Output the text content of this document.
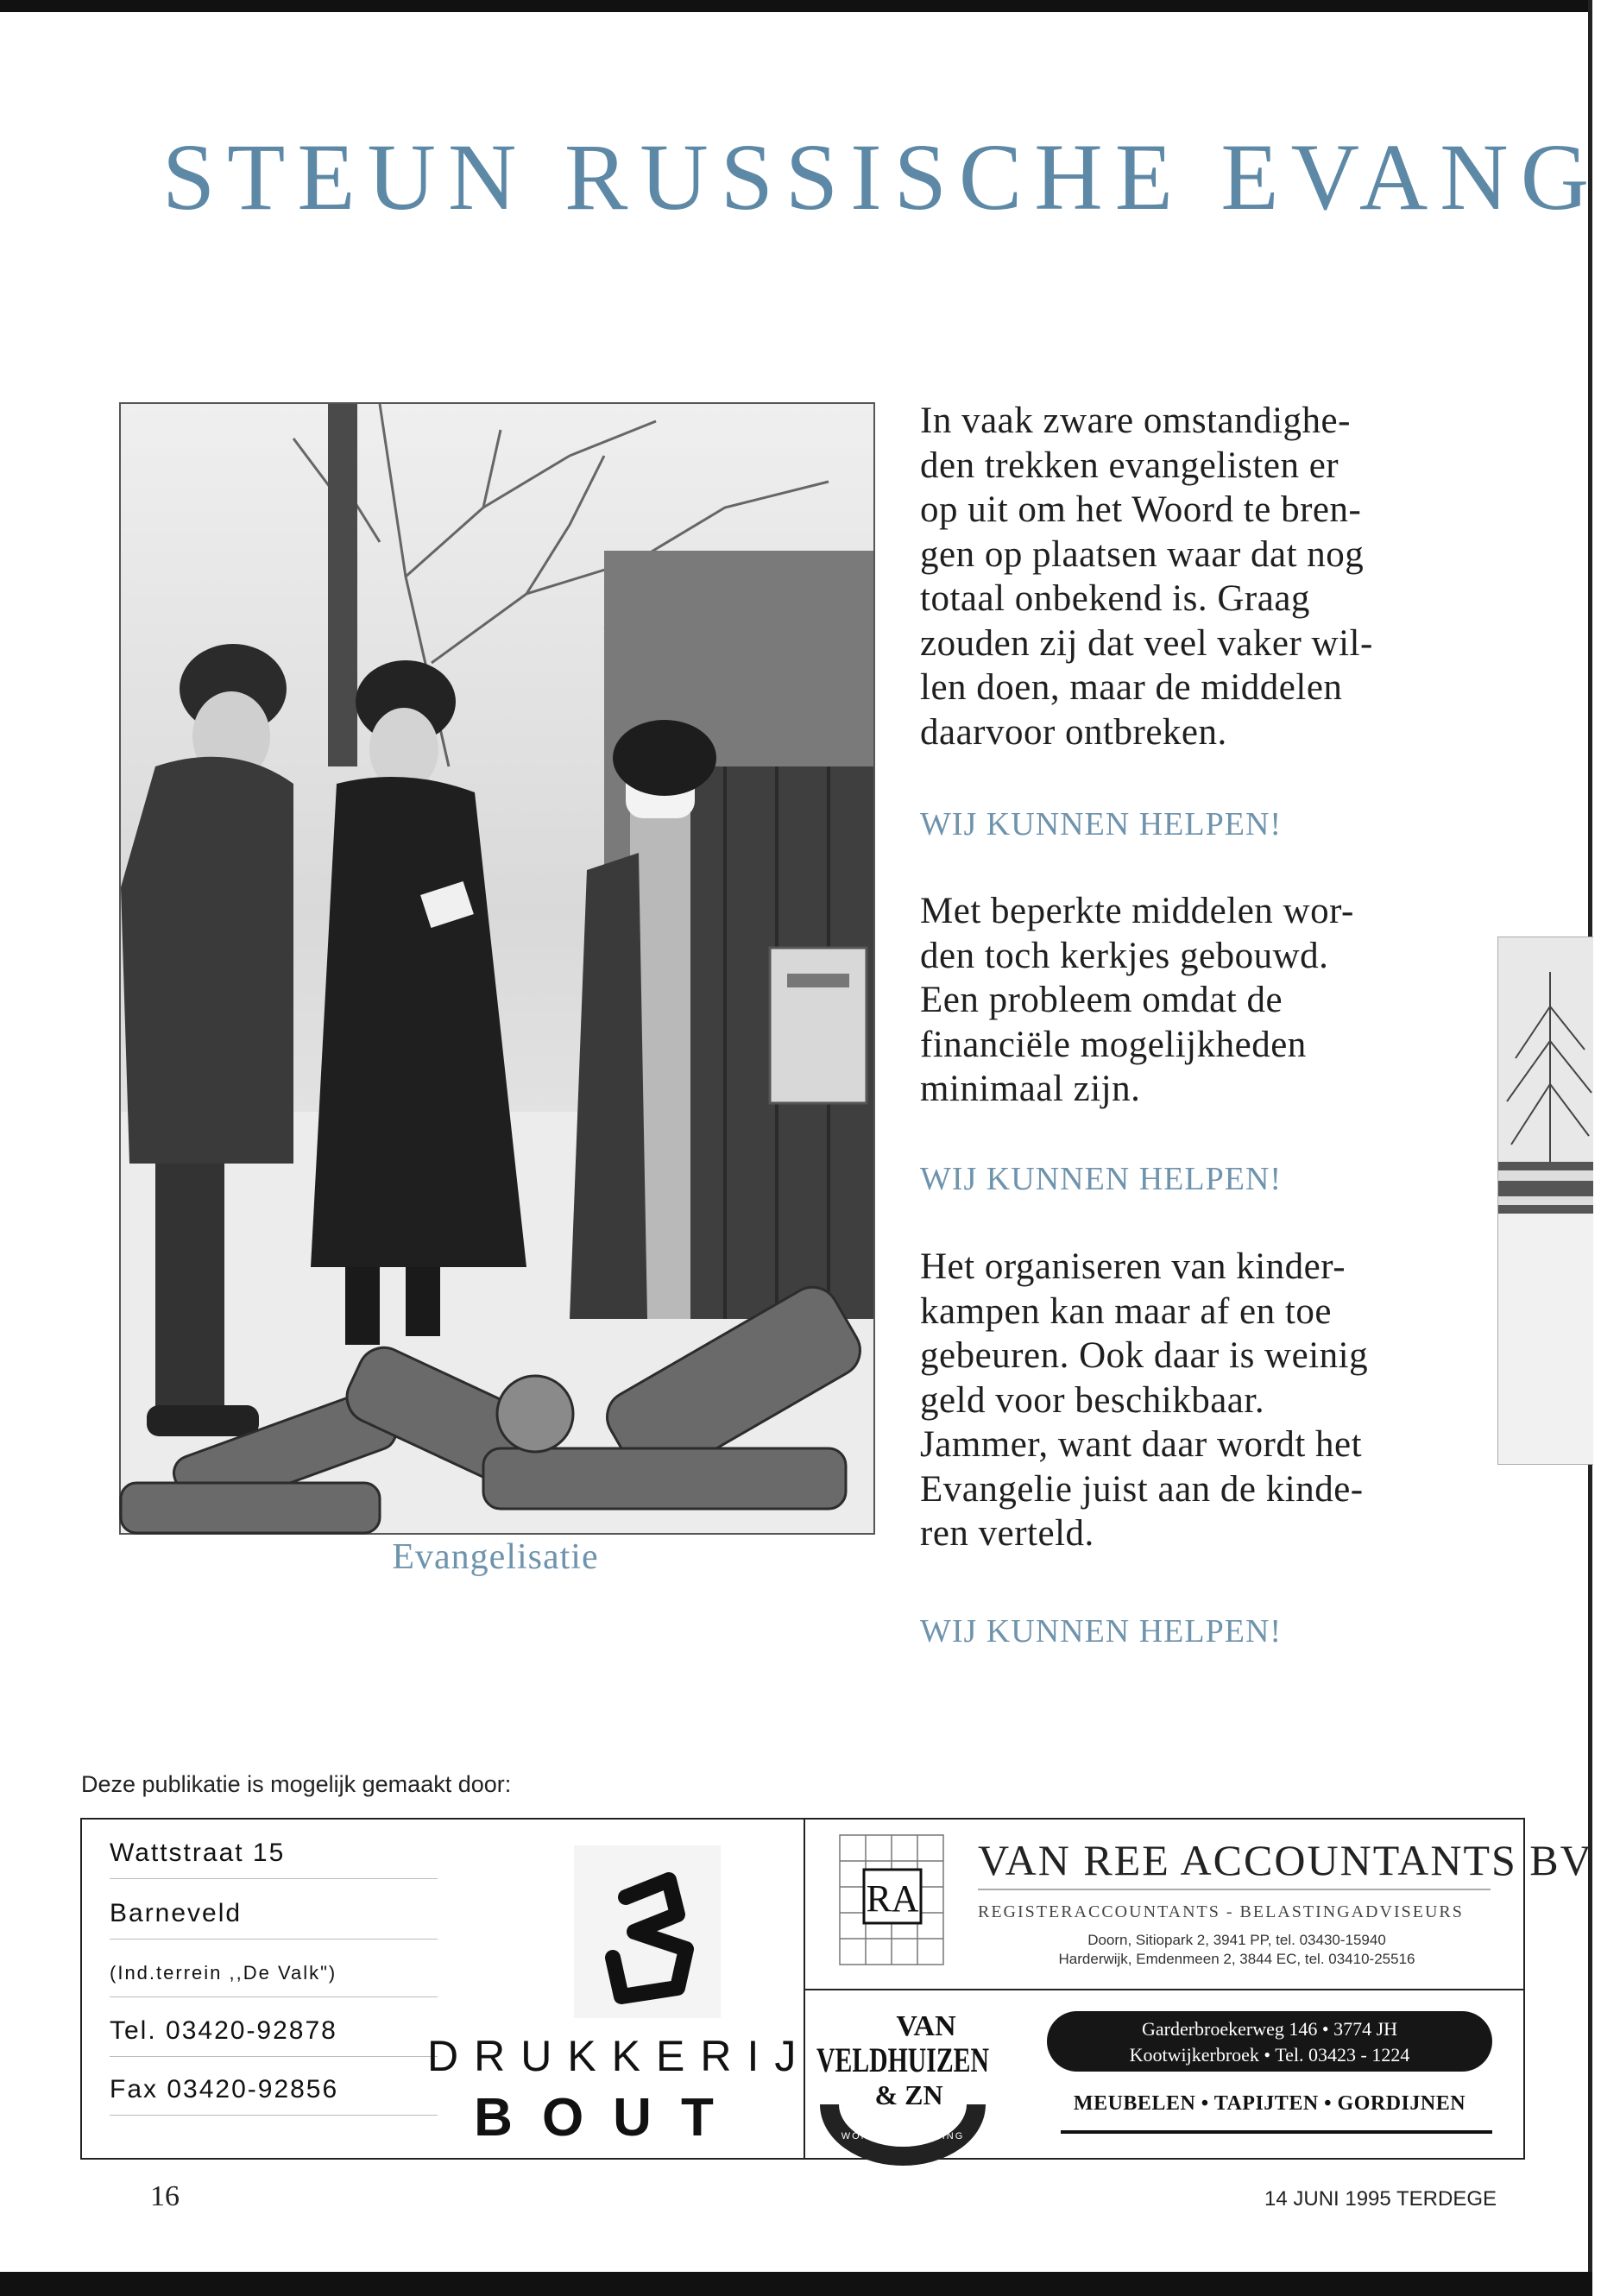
STEUN RUSSISCHE EVANG
Evangelisatie

In vaak zware omstandighe-

den trekken evangelisten er

op uit om het Woord te bren-

gen op plaatsen waar dat nog

totaal onbekend is. Graag

zouden zij dat veel vaker wil-

len doen, maar de middelen

daarvoor ontbreken.

WIJ KUNNEN HELPEN!

Met beperkte middelen wor-

den toch kerkjes gebouwd.

Een probleem omdat de

financiële mogelijkheden

minimaal zijn.

WIJ KUNNEN HELPEN!

Het organiseren van kinder-

kampen kan maar af en toe

gebeuren. Ook daar is weinig

geld voor beschikbaar.

Jammer, want daar wordt het

Evangelie juist aan de kinde-

ren verteld.

WIJ KUNNEN HELPEN!
Deze publikatie is mogelijk gemaakt door:
Wattstraat 15
Barneveld
(Ind.terrein ,,De Valk")
Tel. 03420-92878
Fax 03420-92856
DRUKKERIJ
BOUT
RA
VAN REE ACCOUNTANTS BV
REGISTERACCOUNTANTS - BELASTINGADVISEURS
Doorn, Sitiopark 2, 3941 PP, tel. 03430-15940
Harderwijk, Emdenmeen 2, 3844 EC, tel. 03410-25516
VAN
VELDHUIZEN
& ZN
WONINGINRICHTING
Garderbroekerweg 146 • 3774 JH
Kootwijkerbroek • Tel. 03423 - 1224
MEUBELEN • TAPIJTEN • GORDIJNEN
16	14 JUNI 1995 TERDEGE
